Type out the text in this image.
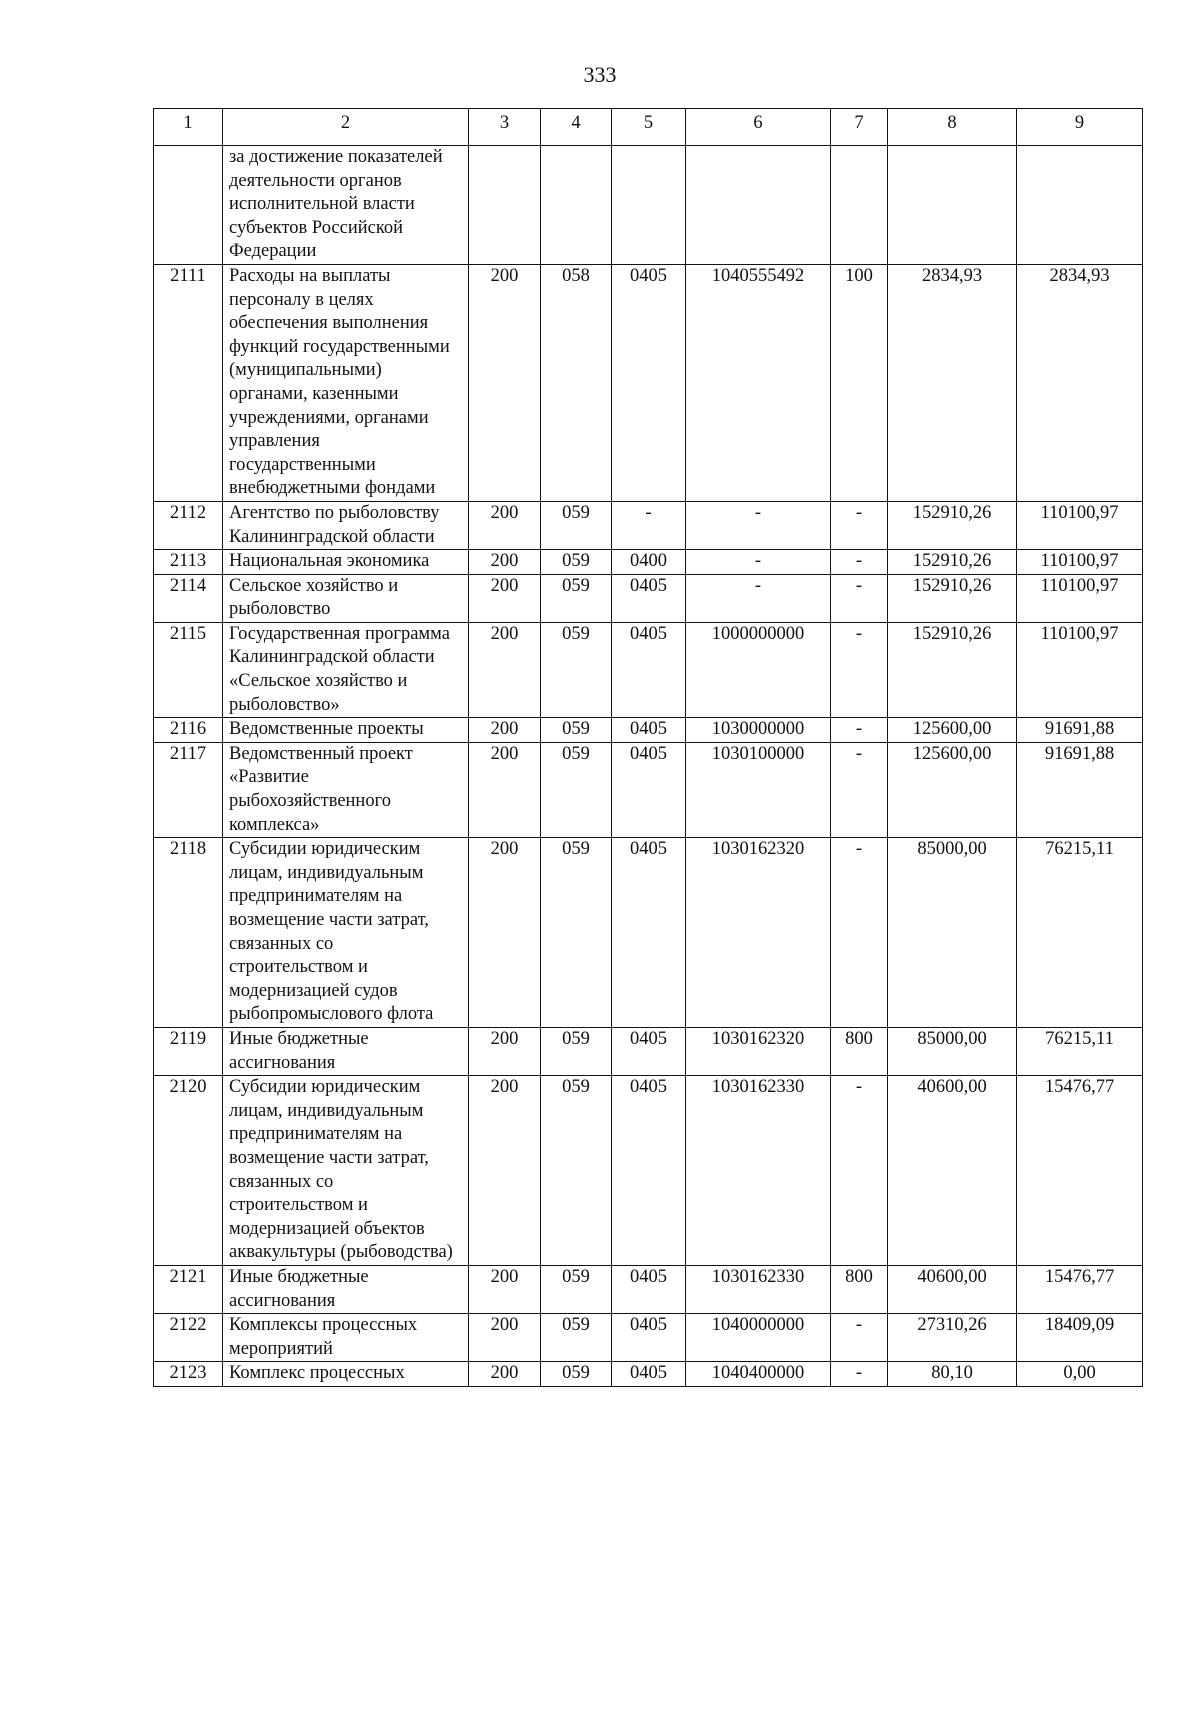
333
1	2	3	4	5	6	7	8	9
	за достижение показателей деятельности органов исполнительной власти субъектов Российской Федерации							
2111	Расходы на выплаты персоналу в целях обеспечения выполнения функций государственными (муниципальными) органами, казенными учреждениями, органами управления государственными внебюджетными фондами	200	058	0405	1040555492	100	2834,93	2834,93
2112	Агентство по рыболовству Калининградской области	200	059	-	-	-	152910,26	110100,97
2113	Национальная экономика	200	059	0400	-	-	152910,26	110100,97
2114	Сельское хозяйство и рыболовство	200	059	0405	-	-	152910,26	110100,97
2115	Государственная программа Калининградской области «Сельское хозяйство и рыболовство»	200	059	0405	1000000000	-	152910,26	110100,97
2116	Ведомственные проекты	200	059	0405	1030000000	-	125600,00	91691,88
2117	Ведомственный проект «Развитие рыбохозяйственного комплекса»	200	059	0405	1030100000	-	125600,00	91691,88
2118	Субсидии юридическим лицам, индивидуальным предпринимателям на возмещение части затрат, связанных со строительством и модернизацией судов рыбопромыслового флота	200	059	0405	1030162320	-	85000,00	76215,11
2119	Иные бюджетные ассигнования	200	059	0405	1030162320	800	85000,00	76215,11
2120	Субсидии юридическим лицам, индивидуальным предпринимателям на возмещение части затрат, связанных со строительством и модернизацией объектов аквакультуры (рыбоводства)	200	059	0405	1030162330	-	40600,00	15476,77
2121	Иные бюджетные ассигнования	200	059	0405	1030162330	800	40600,00	15476,77
2122	Комплексы процессных мероприятий	200	059	0405	1040000000	-	27310,26	18409,09
2123	Комплекс процессных	200	059	0405	1040400000	-	80,10	0,00
